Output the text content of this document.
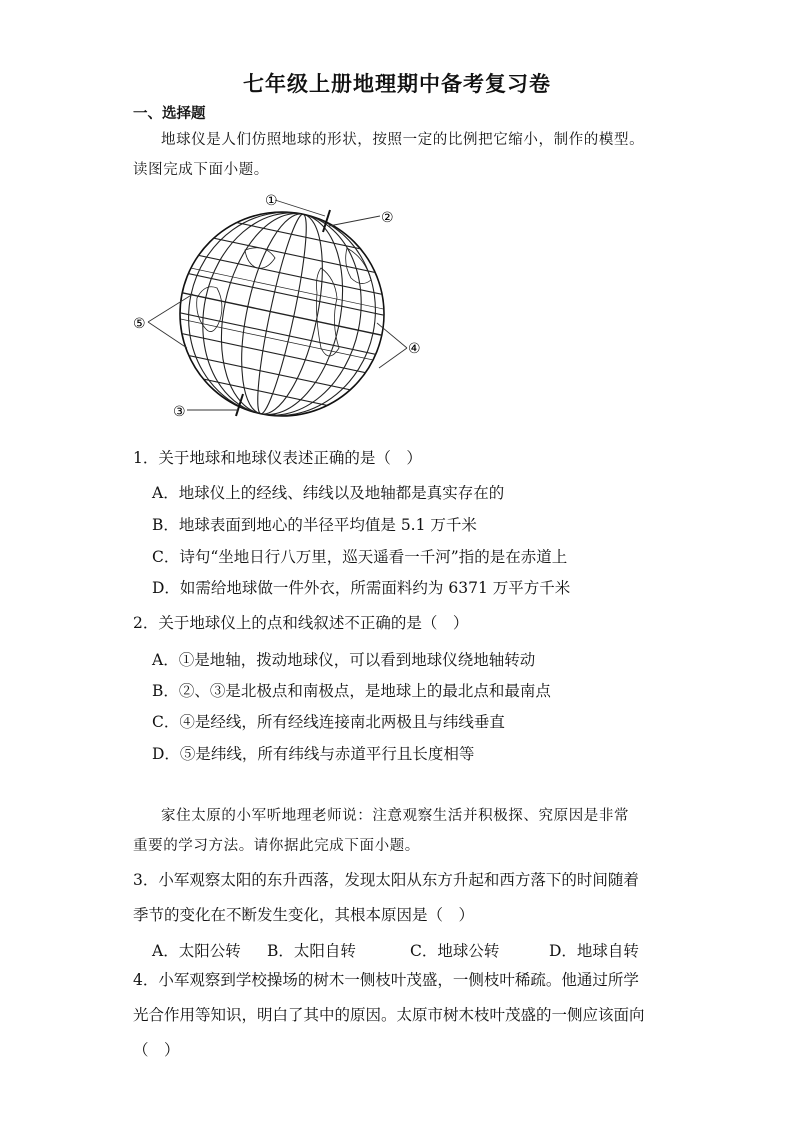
七年级上册地理期中备考复习卷
一、选择题
地球仪是人们仿照地球的形状，按照一定的比例把它缩小，制作的模型。
读图完成下面小题。
①
②
③
④
⑤
1．关于地球和地球仪表述正确的是（　）
A．地球仪上的经线、纬线以及地轴都是真实存在的
B．地球表面到地心的半径平均值是 5.1 万千米
C．诗句“坐地日行八万里，巡天遥看一千河”指的是在赤道上
D．如需给地球做一件外衣，所需面料约为 6371 万平方千米
2．关于地球仪上的点和线叙述不正确的是（　）
A．①是地轴，拨动地球仪，可以看到地球仪绕地轴转动
B．②、③是北极点和南极点，是地球上的最北点和最南点
C．④是经线，所有经线连接南北两极且与纬线垂直
D．⑤是纬线，所有纬线与赤道平行且长度相等
家住太原的小军听地理老师说：注意观察生活并积极探、究原因是非常
重要的学习方法。请你据此完成下面小题。
3．小军观察太阳的东升西落，发现太阳从东方升起和西方落下的时间随着
季节的变化在不断发生变化，其根本原因是（　）
A．太阳公转 B．太阳自转	C．地球公转	D．地球自转
4．小军观察到学校操场的树木一侧枝叶茂盛，一侧枝叶稀疏。他通过所学
光合作用等知识，明白了其中的原因。太原市树木枝叶茂盛的一侧应该面向
（　）
